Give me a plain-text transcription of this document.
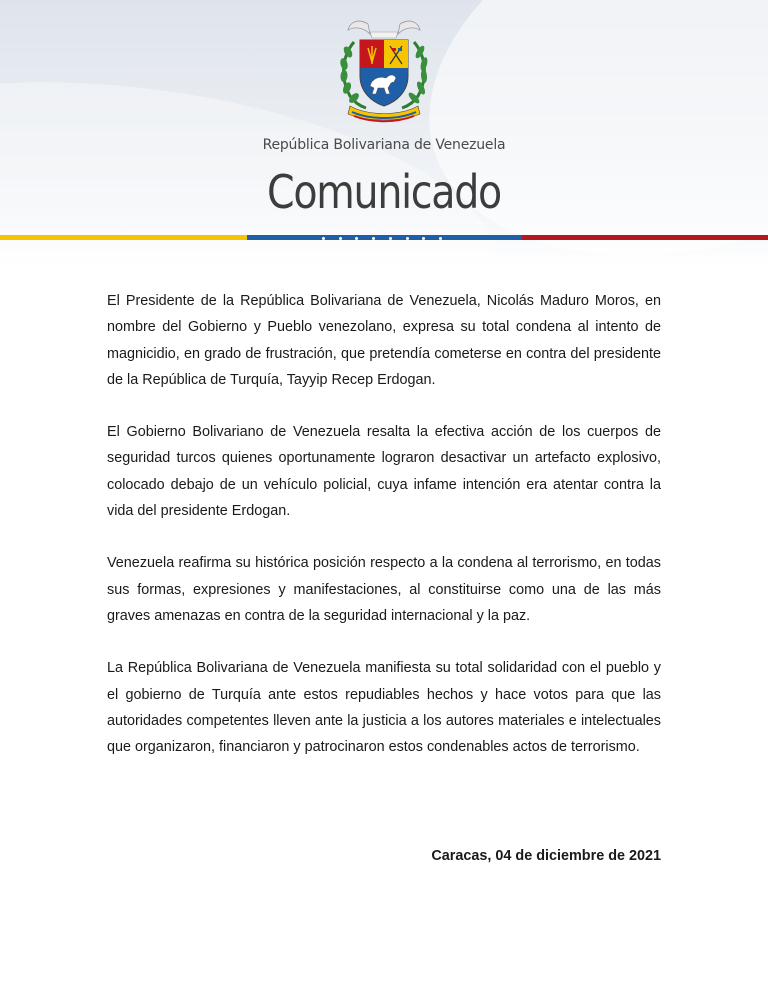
República Bolivariana de Venezuela
Comunicado

El Presidente de la República Bolivariana de Venezuela, Nicolás Maduro Moros, en nombre del Gobierno y Pueblo venezolano, expresa su total condena al intento de magnicidio, en grado de frustración, que pretendía cometerse en contra del presidente de la República de Turquía, Tayyip Recep Erdogan.

El Gobierno Bolivariano de Venezuela resalta la efectiva acción de los cuerpos de seguridad turcos quienes oportunamente lograron desactivar un artefacto explosivo, colocado debajo de un vehículo policial, cuya infame intención era atentar contra la vida del presidente Erdogan.

Venezuela reafirma su histórica posición respecto a la condena al terrorismo, en todas sus formas, expresiones y manifestaciones, al constituirse como una de las más graves amenazas en contra de la seguridad internacional y la paz.

La República Bolivariana de Venezuela manifiesta su total solidaridad con el pueblo y el gobierno de Turquía ante estos repudiables hechos y hace votos para que las autoridades competentes lleven ante la justicia a los autores materiales e intelectuales que organizaron, financiaron y patrocinaron estos condenables actos de terrorismo.

Caracas, 04 de diciembre de 2021
